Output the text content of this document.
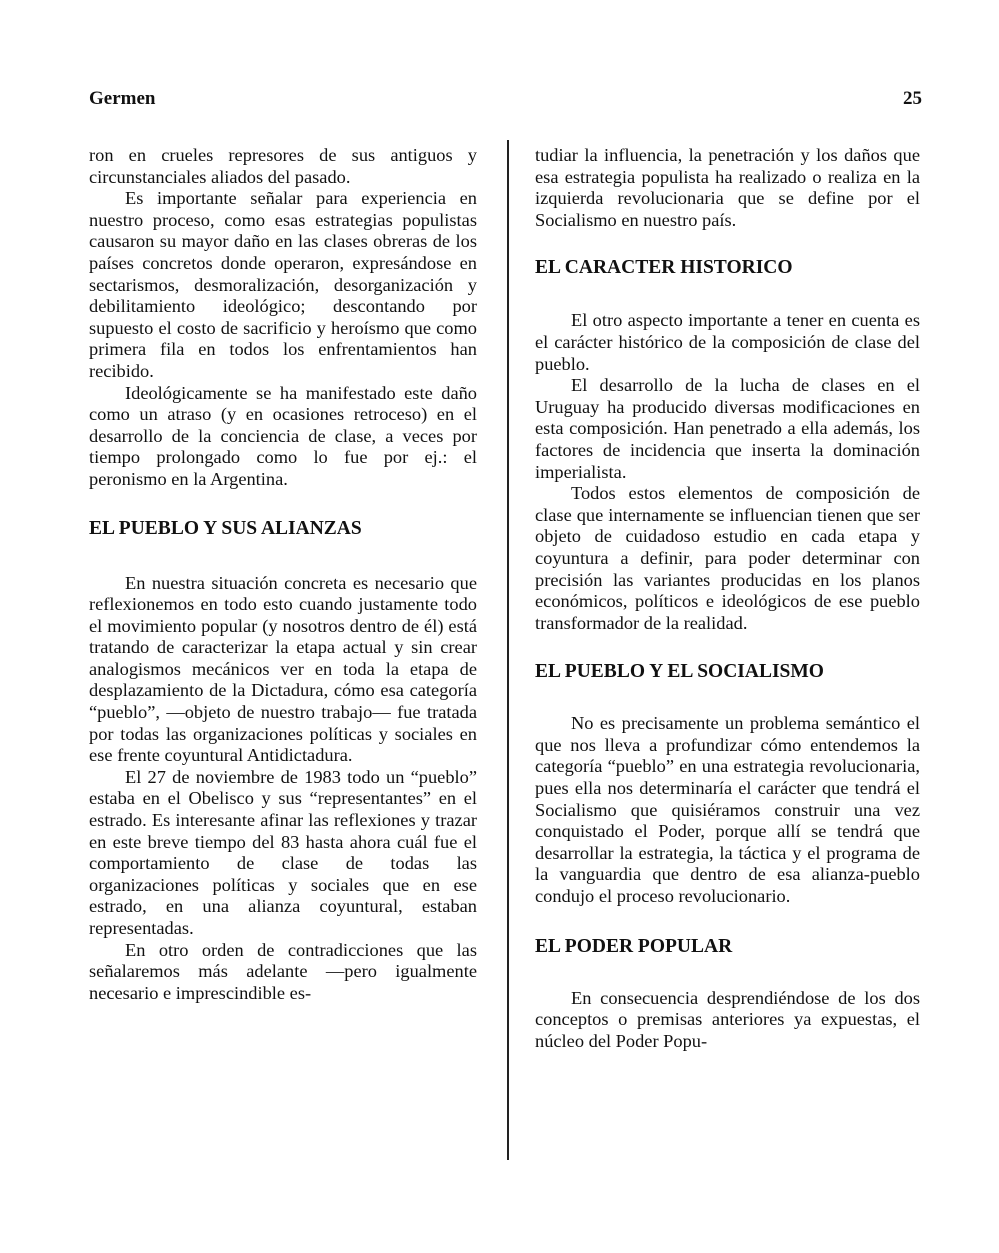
Germen	25

ron en crueles represores de sus antiguos y circunstanciales aliados del pasado.

Es importante señalar para experiencia en nuestro proceso, como esas estrategias populistas causaron su mayor daño en las clases obreras de los países concretos donde operaron, expresándose en sectarismos, desmoralización, desorganización y debilitamiento ideológico; descontando por supuesto el costo de sacrificio y heroísmo que como primera fila en todos los enfrentamientos han recibido.

Ideológicamente se ha manifestado este daño como un atraso (y en ocasiones retroceso) en el desarrollo de la conciencia de clase, a veces por tiempo prolongado como lo fue por ej.: el peronismo en la Argentina.

EL PUEBLO Y SUS ALIANZAS

En nuestra situación concreta es necesario que reflexionemos en todo esto cuando justamente todo el movimiento popular (y nosotros dentro de él) está tratando de caracterizar la etapa actual y sin crear analogismos mecánicos ver en toda la etapa de desplazamiento de la Dictadura, cómo esa categoría “pueblo”, —objeto de nuestro trabajo— fue tratada por todas las organizaciones políticas y sociales en ese frente coyuntural Antidictadura.

El 27 de noviembre de 1983 todo un “pueblo” estaba en el Obelisco y sus “representantes” en el estrado. Es interesante afinar las reflexiones y trazar en este breve tiempo del 83 hasta ahora cuál fue el comportamiento de clase de todas las organizaciones políticas y sociales que en ese estrado, en una alianza coyuntural, estaban representadas.

En otro orden de contradicciones que las señalaremos más adelante —pero igualmente necesario e imprescindible es-

tudiar la influencia, la penetración y los daños que esa estrategia populista ha realizado o realiza en la izquierda revolucionaria que se define por el Socialismo en nuestro país.

EL CARACTER HISTORICO

El otro aspecto importante a tener en cuenta es el carácter histórico de la composición de clase del pueblo.

El desarrollo de la lucha de clases en el Uruguay ha producido diversas modificaciones en esta composición. Han penetrado a ella además, los factores de incidencia que inserta la dominación imperialista.

Todos estos elementos de composición de clase que internamente se influencian tienen que ser objeto de cuidadoso estudio en cada etapa y coyuntura a definir, para poder determinar con precisión las variantes producidas en los planos económicos, políticos e ideológicos de ese pueblo transformador de la realidad.

EL PUEBLO Y EL SOCIALISMO

No es precisamente un problema semántico el que nos lleva a profundizar cómo entendemos la categoría “pueblo” en una estrategia revolucionaria, pues ella nos determinaría el carácter que tendrá el Socialismo que quisiéramos construir una vez conquistado el Poder, porque allí se tendrá que desarrollar la estrategia, la táctica y el programa de la vanguardia que dentro de esa alianza-pueblo condujo el proceso revolucionario.

EL PODER POPULAR

En consecuencia desprendiéndose de los dos conceptos o premisas anteriores ya expuestas, el núcleo del Poder Popu-
